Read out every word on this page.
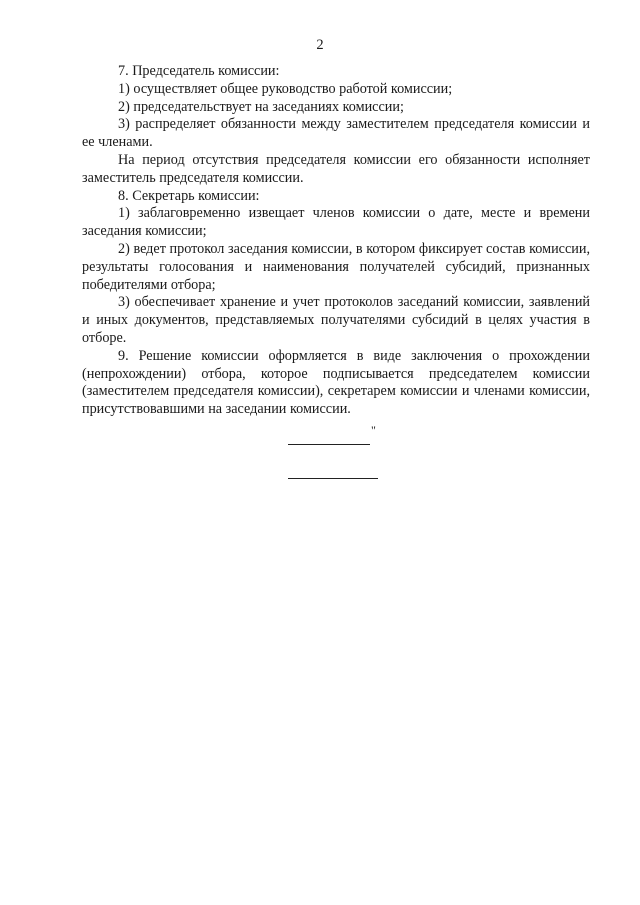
2

7. Председатель комиссии:

1) осуществляет общее руководство работой комиссии;

2) председательствует на заседаниях комиссии;

3) распределяет обязанности между заместителем председателя комиссии и ее членами.

На период отсутствия председателя комиссии его обязанности исполняет заместитель председателя комиссии.

8. Секретарь комиссии:

1) заблаговременно извещает членов комиссии о дате, месте и времени заседания комиссии;

2) ведет протокол заседания комиссии, в котором фиксирует состав комиссии, результаты голосования и наименования получателей субсидий, признанных победителями отбора;

3) обеспечивает хранение и учет протоколов заседаний комиссии, заявлений и иных документов, представляемых получателями субсидий в целях участия в отборе.

9. Решение комиссии оформляется в виде заключения о прохождении (непрохождении) отбора, которое подписывается председателем комиссии (заместителем председателя комиссии), секретарем комиссии и членами комиссии, присутствовавшими на заседании комиссии.

"
